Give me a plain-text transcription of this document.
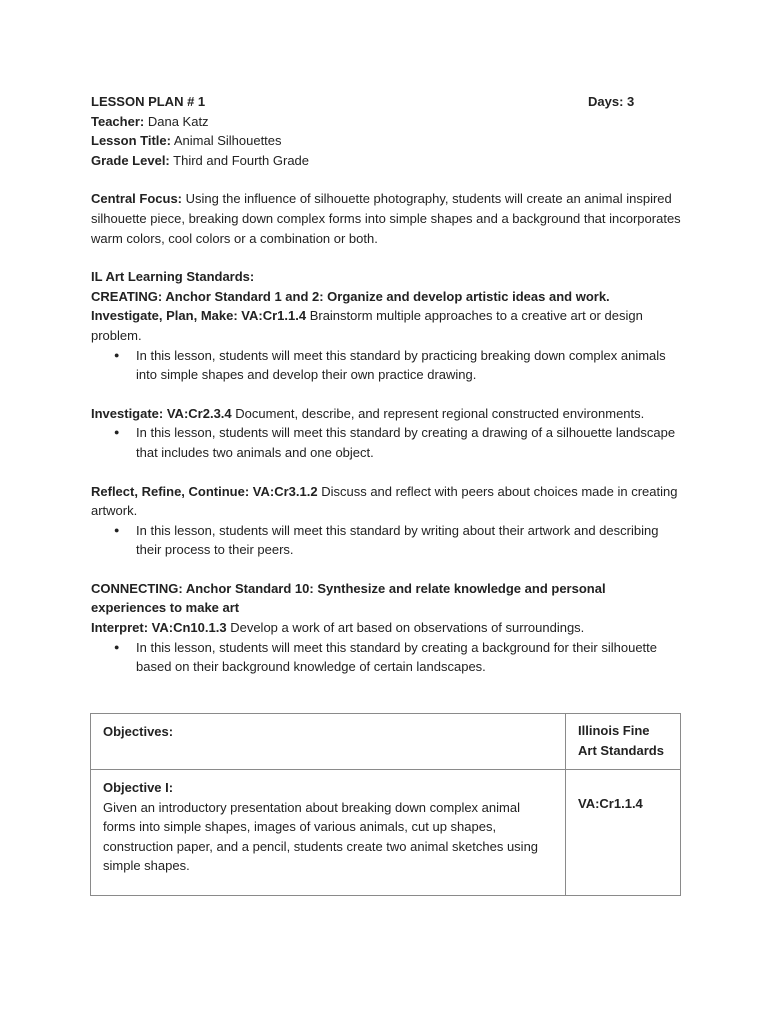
LESSON PLAN # 1	Days: 3
Teacher: Dana Katz
Lesson Title: Animal Silhouettes
Grade Level: Third and Fourth Grade
Central Focus: Using the influence of silhouette photography, students will create an animal inspired silhouette piece, breaking down complex forms into simple shapes and a background that incorporates warm colors, cool colors or a combination or both.
IL Art Learning Standards:
CREATING: Anchor Standard 1 and 2: Organize and develop artistic ideas and work.
Investigate, Plan, Make: VA:Cr1.1.4 Brainstorm multiple approaches to a creative art or design problem.
● In this lesson, students will meet this standard by practicing breaking down complex animals into simple shapes and develop their own practice drawing.
Investigate: VA:Cr2.3.4 Document, describe, and represent regional constructed environments.
● In this lesson, students will meet this standard by creating a drawing of a silhouette landscape that includes two animals and one object.
Reflect, Refine, Continue: VA:Cr3.1.2 Discuss and reflect with peers about choices made in creating artwork.
● In this lesson, students will meet this standard by writing about their artwork and describing their process to their peers.
CONNECTING: Anchor Standard 10: Synthesize and relate knowledge and personal experiences to make art
Interpret: VA:Cn10.1.3 Develop a work of art based on observations of surroundings.
● In this lesson, students will meet this standard by creating a background for their silhouette based on their background knowledge of certain landscapes.
Objectives:	Illinois Fine Art Standards

Objective I:
Given an introductory presentation about breaking down complex animal forms into simple shapes, images of various animals, cut up shapes, construction paper, and a pencil, students create two animal sketches using simple shapes.	VA:Cr1.1.4
